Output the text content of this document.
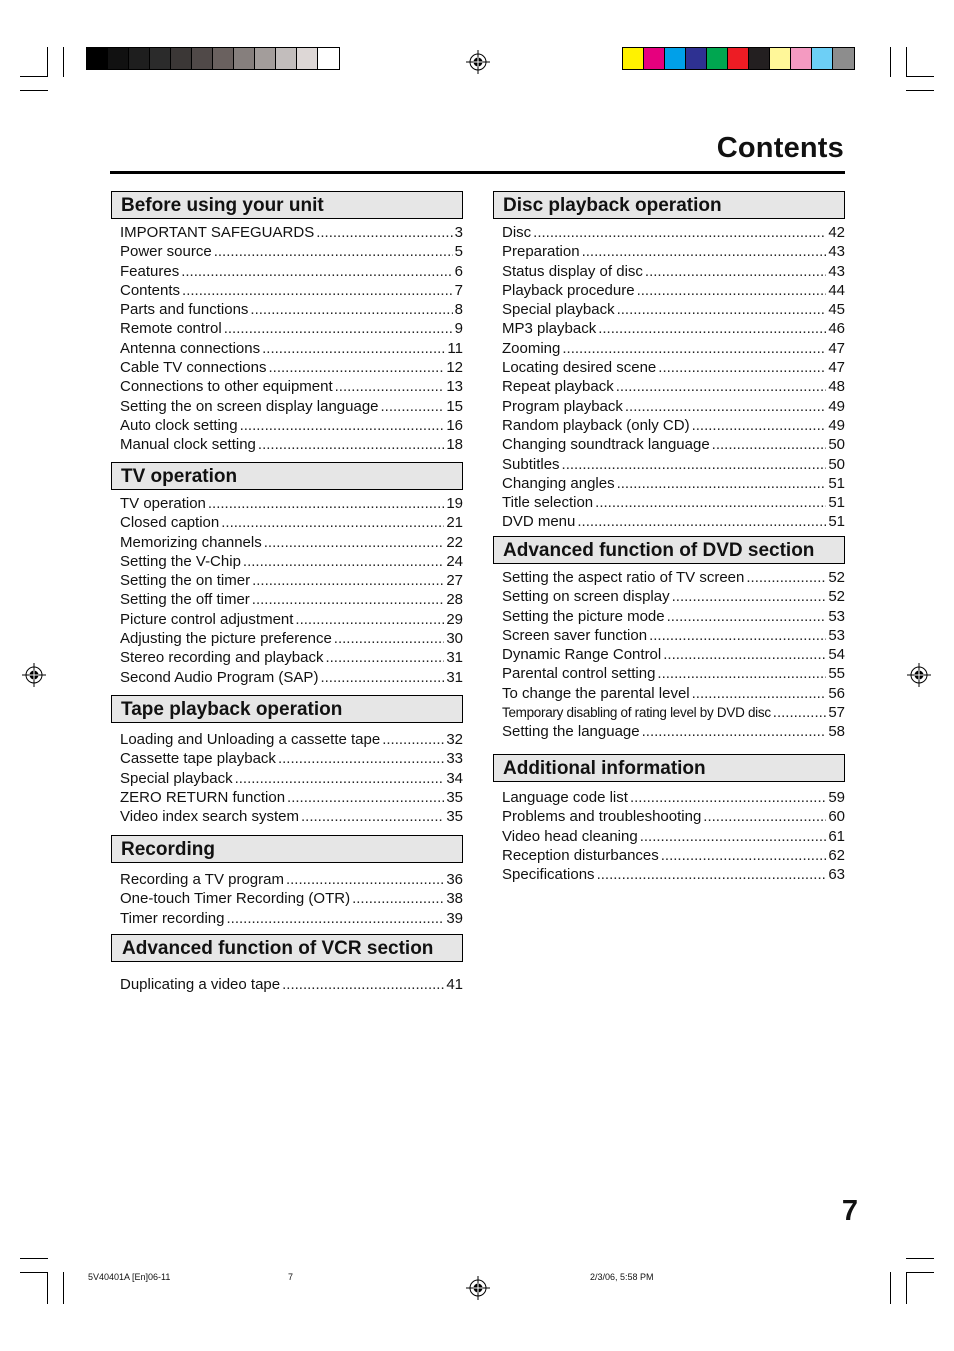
Contents
Before using your unit
IMPORTANT SAFEGUARDS .....	3
Power source .....	5
Features .....	6
Contents .....	7
Parts and functions .....	8
Remote control .....	9
Antenna connections .....	11
Cable TV connections .....	12
Connections to other equipment .....	13
Setting the on screen display language .....	15
Auto clock setting .....	16
Manual clock setting .....	18
TV operation
TV operation .....	19
Closed caption .....	21
Memorizing channels .....	22
Setting the V-Chip .....	24
Setting the on timer .....	27
Setting the off timer .....	28
Picture control adjustment .....	29
Adjusting the picture preference .....	30
Stereo recording and playback .....	31
Second Audio Program (SAP) .....	31
Tape playback operation
Loading and Unloading a cassette tape .....	32
Cassette tape playback .....	33
Special playback .....	34
ZERO RETURN function .....	35
Video index search system .....	35
Recording
Recording a TV program .....	36
One-touch Timer Recording (OTR) .....	38
Timer recording .....	39
Advanced function of VCR section
Duplicating a video tape .....	41
Disc playback operation
Disc .....	42
Preparation .....	43
Status display of disc .....	43
Playback procedure .....	44
Special playback .....	45
MP3 playback .....	46
Zooming .....	47
Locating desired scene .....	47
Repeat playback .....	48
Program playback .....	49
Random playback (only CD) .....	49
Changing soundtrack language .....	50
Subtitles .....	50
Changing angles .....	51
Title selection .....	51
DVD menu .....	51
Advanced function of DVD section
Setting the aspect ratio of TV screen .....	52
Setting on screen display .....	52
Setting the picture mode .....	53
Screen saver function .....	53
Dynamic Range Control .....	54
Parental control setting .....	55
To change the parental level .....	56
Temporary disabling of rating level by DVD disc .....	57
Setting the language .....	58
Additional information
Language code list .....	59
Problems and troubleshooting .....	60
Video head cleaning .....	61
Reception disturbances .....	62
Specifications .....	63
7
5V40401A [En]06-11	7	2/3/06, 5:58 PM
